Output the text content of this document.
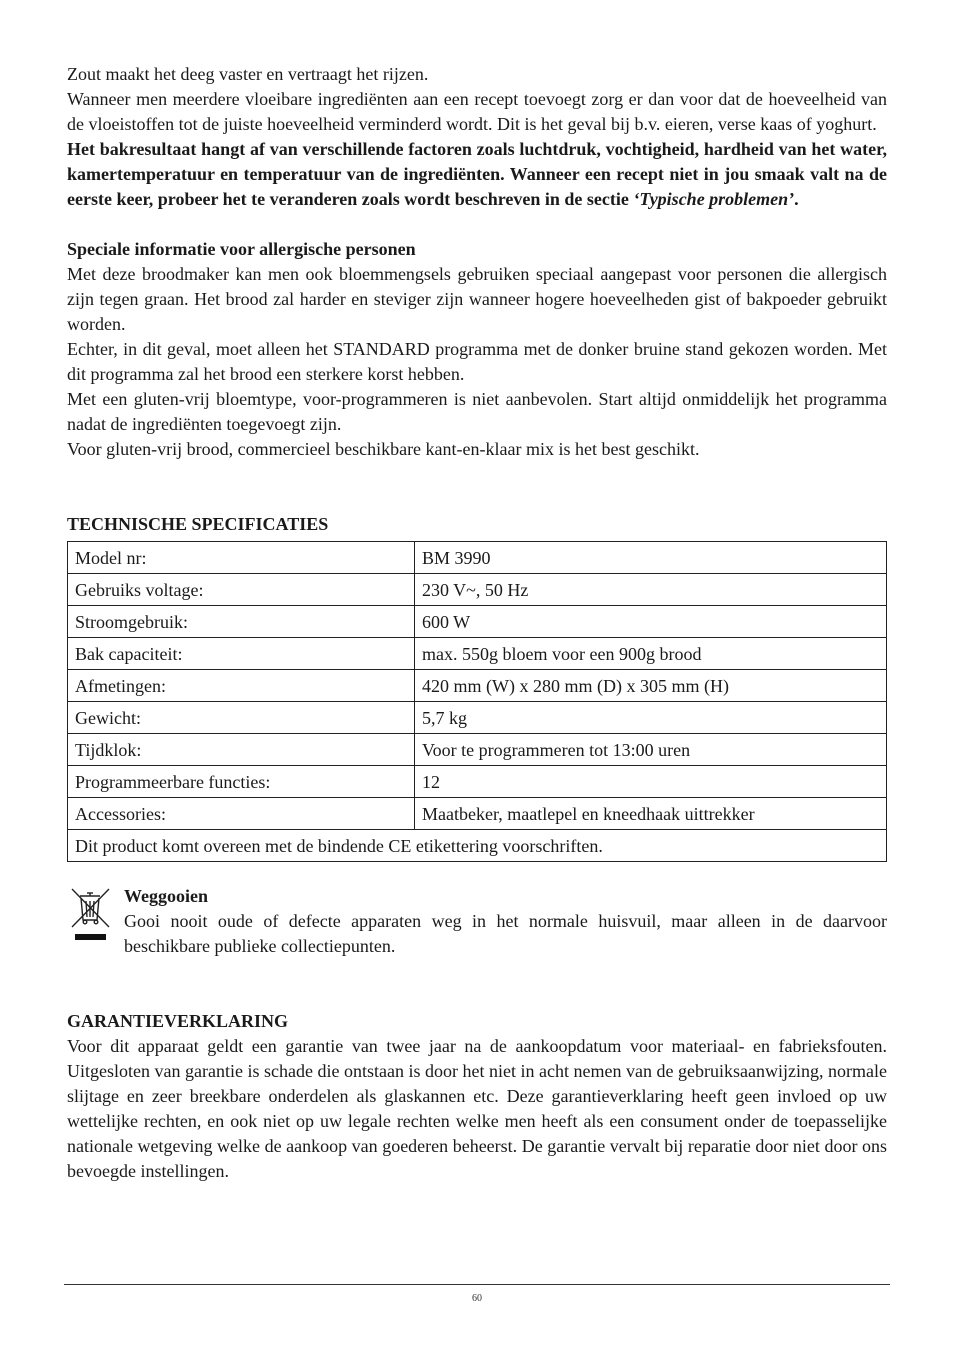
Zout maakt het deeg vaster en vertraagt het rijzen.

Wanneer men meerdere vloeibare ingrediënten aan een recept toevoegt zorg er dan voor dat de hoeveelheid van de vloeistoffen tot de juiste hoeveelheid verminderd wordt. Dit is het geval bij b.v. eieren, verse kaas of yoghurt.

Het bakresultaat hangt af van verschillende factoren zoals luchtdruk, vochtigheid, hardheid van het water, kamertemperatuur en temperatuur van de ingrediënten. Wanneer een recept niet in jou smaak valt na de eerste keer, probeer het te veranderen zoals wordt beschreven in de sectie ‘Typische problemen’.

Speciale informatie voor allergische personen

Met deze broodmaker kan men ook bloemmengsels gebruiken speciaal aangepast voor personen die allergisch zijn tegen graan. Het brood zal harder en steviger zijn wanneer hogere hoeveelheden gist of bakpoeder gebruikt worden.

Echter, in dit geval, moet alleen het STANDARD programma met de donker bruine stand gekozen worden. Met dit programma zal het brood een sterkere korst hebben.

Met een gluten-vrij bloemtype, voor-programmeren is niet aanbevolen. Start altijd onmiddelijk het programma nadat de ingrediënten toegevoegt zijn.

Voor gluten-vrij brood, commercieel beschikbare kant-en-klaar mix is het best geschikt.

TECHNISCHE SPECIFICATIES

Model nr:	BM 3990
Gebruiks voltage:	230 V~, 50 Hz
Stroomgebruik:	600 W
Bak capaciteit:	max. 550g bloem voor een 900g brood
Afmetingen:	420 mm (W) x 280 mm (D) x 305 mm (H)
Gewicht:	5,7 kg
Tijdklok:	Voor te programmeren tot 13:00 uren
Programmeerbare functies:	12
Accessories:	Maatbeker, maatlepel en kneedhaak uittrekker
Dit product komt overeen met de bindende CE etikettering voorschriften.	

Weggooien

Gooi nooit oude of defecte apparaten weg in het normale huisvuil, maar alleen in de daarvoor beschikbare publieke collectiepunten.

GARANTIEVERKLARING

Voor dit apparaat geldt een garantie van twee jaar na de aankoopdatum voor materiaal- en fabrieksfouten. Uitgesloten van garantie is schade die ontstaan is door het niet in acht nemen van de gebruiksaanwijzing, normale slijtage en zeer breekbare onderdelen als glaskannen etc. Deze garantieverklaring heeft geen invloed op uw wettelijke rechten, en ook niet op uw legale rechten welke men heeft als een consument onder de toepasselijke nationale wetgeving welke de aankoop van goederen beheerst. De garantie vervalt bij reparatie door niet door ons bevoegde instellingen.

60
